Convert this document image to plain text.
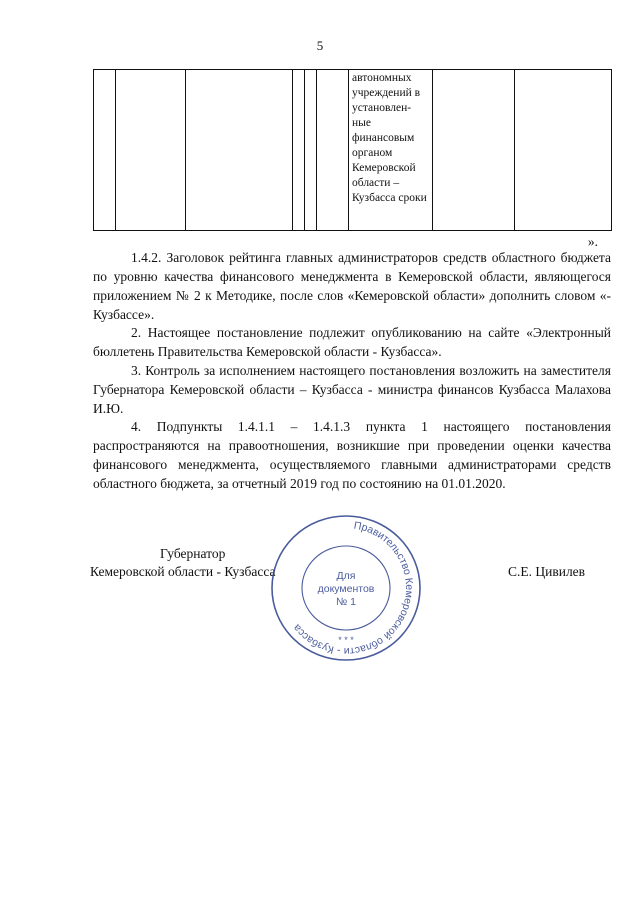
5

автономных учреждений в установлен-ные финансовым органом Кемеровской области – Кузбасса сроки

».

1.4.2. Заголовок рейтинга главных администраторов средств областного бюджета по уровню качества финансового менеджмента в Кемеровской области, являющегося приложением № 2 к Методике, после слов «Кемеровской области» дополнить словом «- Кузбассе».

2. Настоящее постановление подлежит опубликованию на сайте «Электронный бюллетень Правительства Кемеровской области - Кузбасса».

3. Контроль за исполнением настоящего постановления возложить на заместителя Губернатора Кемеровской области – Кузбасса - министра финансов Кузбасса Малахова И.Ю.

4. Подпункты 1.4.1.1 – 1.4.1.3 пункта 1 настоящего постановления распространяются на правоотношения, возникшие при проведении оценки качества финансового менеджмента, осуществляемого главными администраторами средств областного бюджета, за отчетный 2019 год по состоянию на 01.01.2020.

Губернатор
Кемеровской области - Кузбасса	С.Е. Цивилев
Правительство Кемеровской области - Кузбасса
Для
документов
№ 1
* * *
